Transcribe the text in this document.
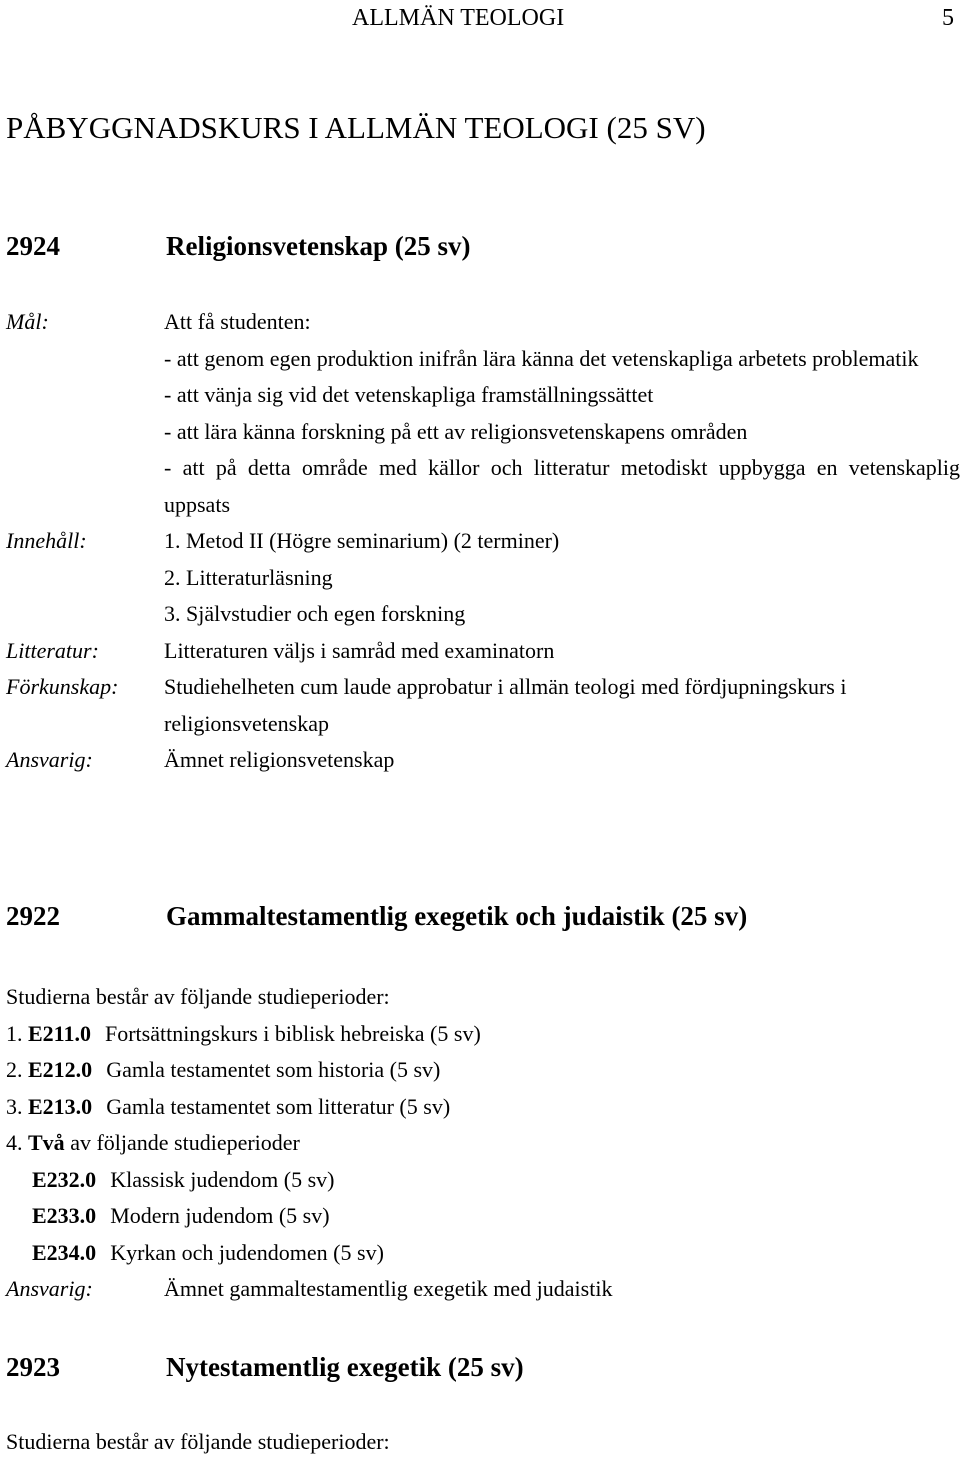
ALLMÄN TEOLOGI	5
PÅBYGGNADSKURS I ALLMÄN TEOLOGI (25 SV)
2924	Religionsvetenskap (25 sv)
Mål:	Att få studenten:
- att genom egen produktion inifrån lära känna det vetenskapliga arbetets problematik
- att vänja sig vid det vetenskapliga framställningssättet
- att lära känna forskning på ett av religionsvetenskapens områden
- att på detta område med källor och litteratur metodiskt uppbygga en vetenskaplig uppsats
Innehåll:	1. Metod II (Högre seminarium) (2 terminer)
2. Litteraturläsning
3. Självstudier och egen forskning
Litteratur:	Litteraturen väljs i samråd med examinatorn
Förkunskap:	Studiehelheten cum laude approbatur i allmän teologi med fördjupningskurs i religionsvetenskap
Ansvarig:	Ämnet religionsvetenskap
2922	Gammaltestamentlig exegetik och judaistik (25 sv)
Studierna består av följande studieperioder:
1. E211.0 Fortsättningskurs i biblisk hebreiska (5 sv)
2. E212.0 Gamla testamentet som historia (5 sv)
3. E213.0 Gamla testamentet som litteratur (5 sv)
4. Två av följande studieperioder
E232.0 Klassisk judendom (5 sv)
E233.0 Modern judendom (5 sv)
E234.0 Kyrkan och judendomen (5 sv)
Ansvarig:	Ämnet gammaltestamentlig exegetik med judaistik
2923	Nytestamentlig exegetik (25 sv)
Studierna består av följande studieperioder:
